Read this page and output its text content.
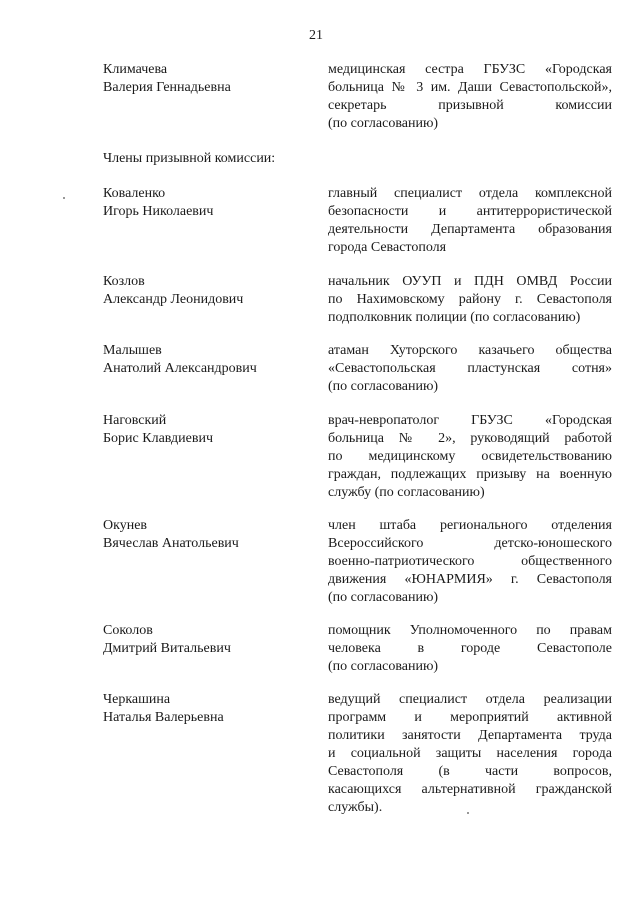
21
Члены призывной комиссии:
Климачева
Валерия Геннадьевна
медицинская сестра ГБУЗС «Городская
больница № 3 им. Даши Севастопольской»,
секретарь призывной комиссии
(по согласованию)
Коваленко
Игорь Николаевич
главный специалист отдела комплексной
безопасности и антитеррористической
деятельности Департамента образования
города Севастополя
Козлов
Александр Леонидович
начальник ОУУП и ПДН ОМВД России
по Нахимовскому району г. Севастополя
подполковник полиции (по согласованию)
Малышев
Анатолий Александрович
атаман Хуторского казачьего общества
«Севастопольская пластунская сотня»
(по согласованию)
Наговский
Борис Клавдиевич
врач-невропатолог ГБУЗС «Городская
больница № 2», руководящий работой
по медицинскому освидетельствованию
граждан, подлежащих призыву на военную
службу (по согласованию)
Окунев
Вячеслав Анатольевич
член штаба регионального отделения
Всероссийского детско-юношеского
военно-патриотического общественного
движения «ЮНАРМИЯ» г. Севастополя
(по согласованию)
Соколов
Дмитрий Витальевич
помощник Уполномоченного по правам
человека в городе Севастополе
(по согласованию)
Черкашина
Наталья Валерьевна
ведущий специалист отдела реализации
программ и мероприятий активной
политики занятости Департамента труда
и социальной защиты населения города
Севастополя (в части вопросов,
касающихся альтернативной гражданской
службы).
